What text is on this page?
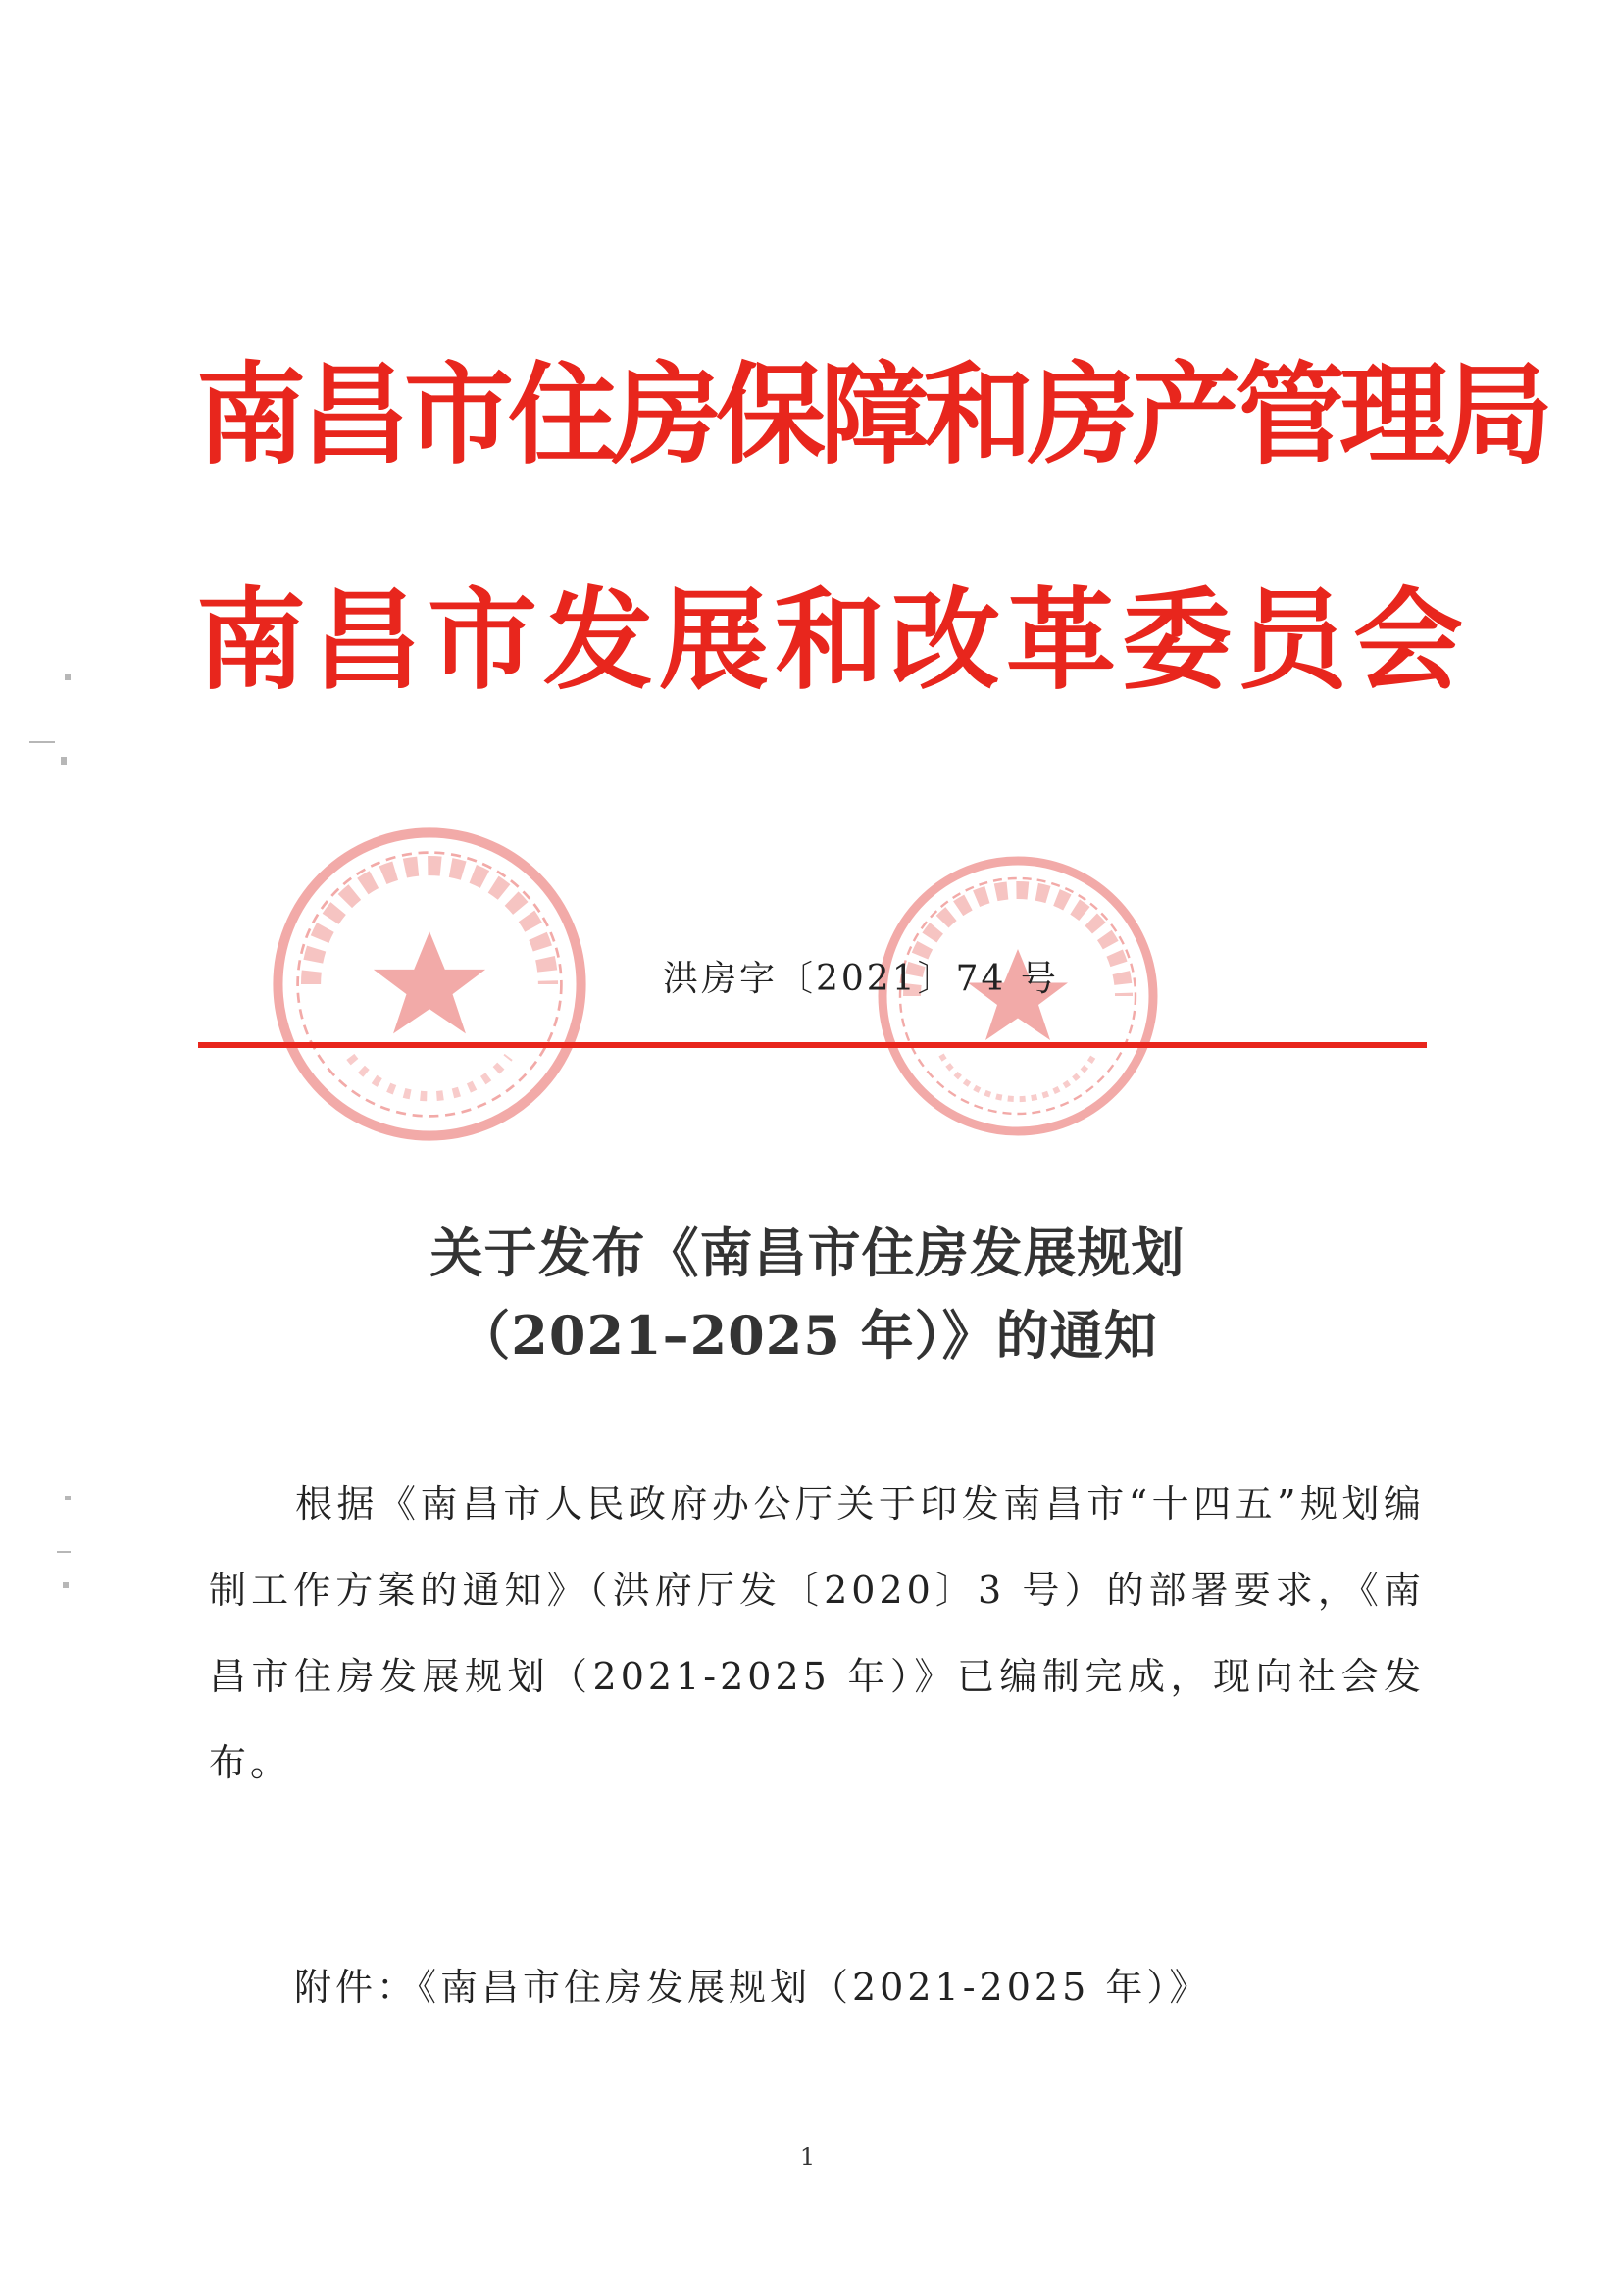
南昌市住房保障和房产管理局
南昌市发展和改革委员会
洪房字〔2021〕74 号
关于发布《南昌市住房发展规划
（2021–2025 年）》的通知
根据《南昌市人民政府办公厅关于印发南昌市“十四五”规划编制工作方案的通知》（洪府厅发〔2020〕3 号）的部署要求，《南昌市住房发展规划（2021-2025 年）》已编制完成，现向社会发布。
附件：《南昌市住房发展规划（2021-2025 年）》
1
